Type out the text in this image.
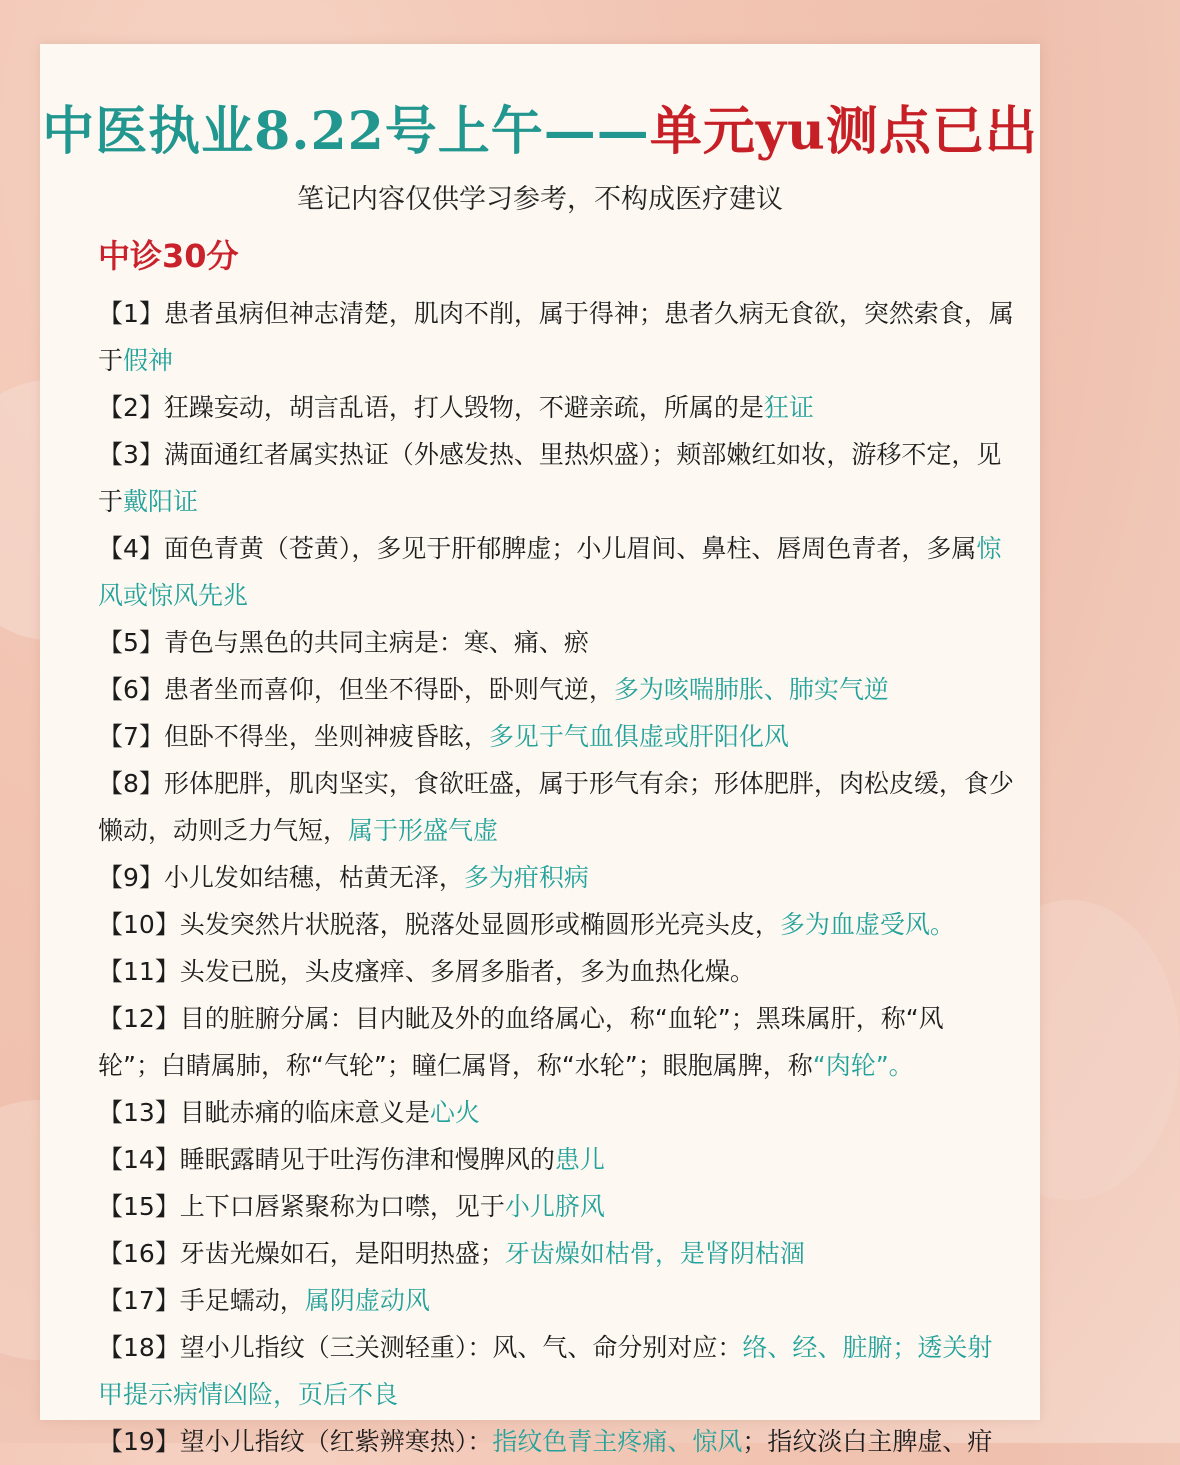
中医执业8.22号上午——单元yu测点已出
笔记内容仅供学习参考，不构成医疗建议
中诊30分
【1】患者虽病但神志清楚，肌肉不削，属于得神；患者久病无食欲，突然索食，属
于假神
【2】狂躁妄动，胡言乱语，打人毁物，不避亲疏，所属的是狂证
【3】满面通红者属实热证（外感发热、里热炽盛）；颊部嫩红如妆，游移不定，见
于戴阳证
【4】面色青黄（苍黄），多见于肝郁脾虚；小儿眉间、鼻柱、唇周色青者，多属惊
风或惊风先兆
【5】青色与黑色的共同主病是：寒、痛、瘀
【6】患者坐而喜仰，但坐不得卧，卧则气逆，多为咳喘肺胀、肺实气逆
【7】但卧不得坐，坐则神疲昏眩，多见于气血俱虚或肝阳化风
【8】形体肥胖，肌肉坚实，食欲旺盛，属于形气有余；形体肥胖，肉松皮缓，食少
懒动，动则乏力气短，属于形盛气虚
【9】小儿发如结穗，枯黄无泽，多为疳积病
【10】头发突然片状脱落，脱落处显圆形或椭圆形光亮头皮，多为血虚受风。
【11】头发已脱，头皮瘙痒、多屑多脂者，多为血热化燥。
【12】目的脏腑分属：目内眦及外的血络属心，称“血轮”；黑珠属肝，称“风
轮”；白睛属肺，称“气轮”；瞳仁属肾，称“水轮”；眼胞属脾，称“肉轮”。
【13】目眦赤痛的临床意义是心火
【14】睡眠露睛见于吐泻伤津和慢脾风的患儿
【15】上下口唇紧聚称为口噤，见于小儿脐风
【16】牙齿光燥如石，是阳明热盛；牙齿燥如枯骨，是肾阴枯涸
【17】手足蠕动，属阴虚动风
【18】望小儿指纹（三关测轻重）：风、气、命分别对应：络、经、脏腑；透关射
甲提示病情凶险，页后不良
【19】望小儿指纹（红紫辨寒热）：指纹色青主疼痛、惊风；指纹淡白主脾虚、疳
